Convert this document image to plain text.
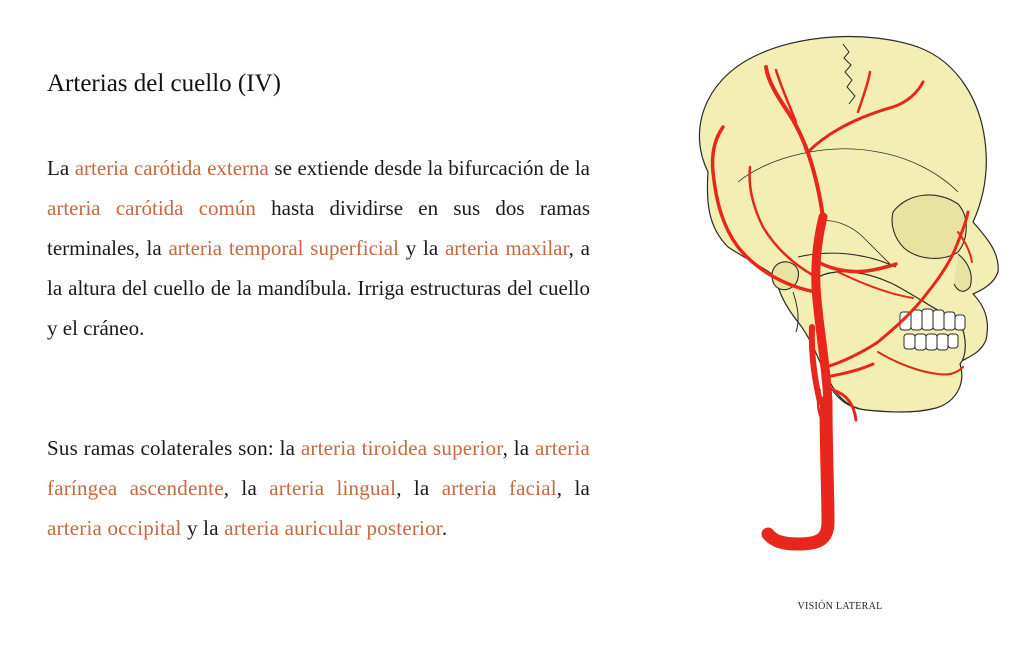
Arterias del cuello (IV)

La arteria carótida externa se extiende desde la bifurcación de la arteria carótida común hasta dividirse en sus dos ramas terminales, la arteria temporal superficial y la arteria maxilar, a la altura del cuello de la mandíbula. Irriga estructuras del cuello y el cráneo.

Sus ramas colaterales son: la arteria tiroidea superior, la arteria faríngea ascendente, la arteria lingual, la arteria facial, la arteria occipital y la arteria auricular posterior.

VISIÓN LATERAL
